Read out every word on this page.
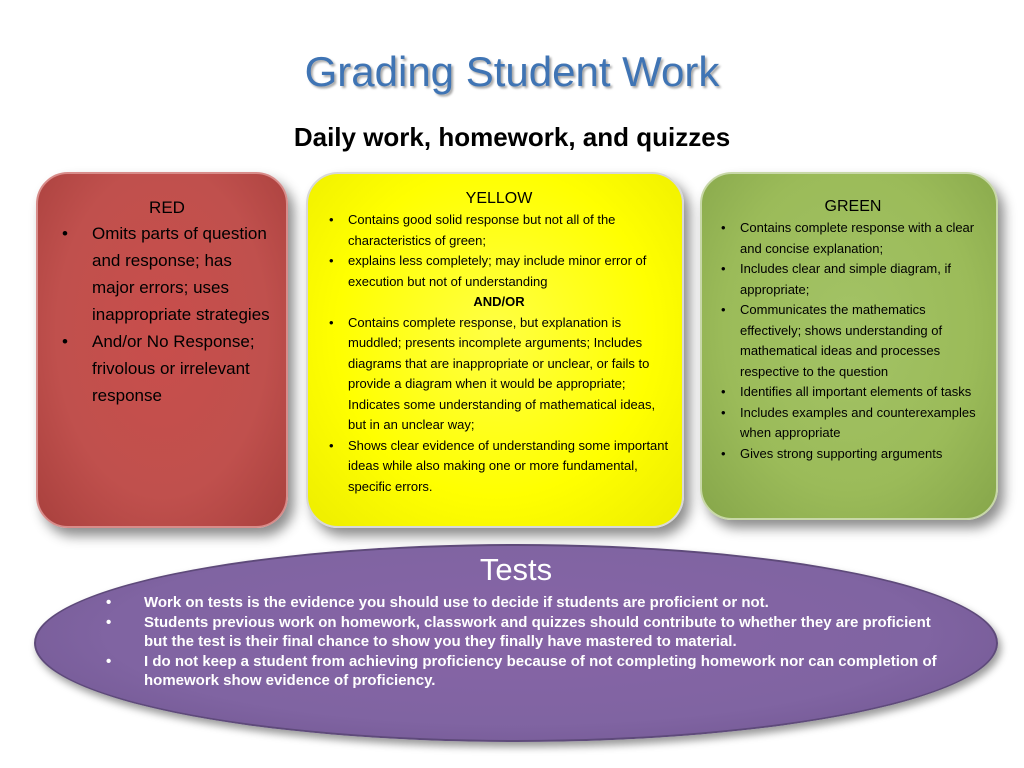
Grading Student Work
Daily work, homework, and quizzes
RED
• Omits parts of question and response; has major errors; uses inappropriate strategies
• And/or No Response; frivolous or irrelevant response
YELLOW
• Contains good solid response but not all of the characteristics of green;
• explains less completely; may include minor error of execution but not of understanding
AND/OR
• Contains complete response, but explanation is muddled; presents incomplete arguments; Includes diagrams that are inappropriate or unclear, or fails to provide a diagram when it would be appropriate; Indicates some understanding of mathematical ideas, but in an unclear way;
• Shows clear evidence of understanding some important ideas while also making one or more fundamental, specific errors.
GREEN
• Contains complete response with a clear and concise explanation;
• Includes clear and simple diagram, if appropriate;
• Communicates the mathematics effectively; shows understanding of mathematical ideas and processes respective to the question
• Identifies all important elements of tasks
• Includes examples and counterexamples when appropriate
• Gives strong supporting arguments
Tests
• Work on tests is the evidence you should use to decide if students are proficient or not.
• Students previous work on homework, classwork and quizzes should contribute to whether they are proficient but the test is their final chance to show you they finally have mastered to material.
• I do not keep a student from achieving proficiency because of not completing homework nor can completion of homework show evidence of proficiency.
